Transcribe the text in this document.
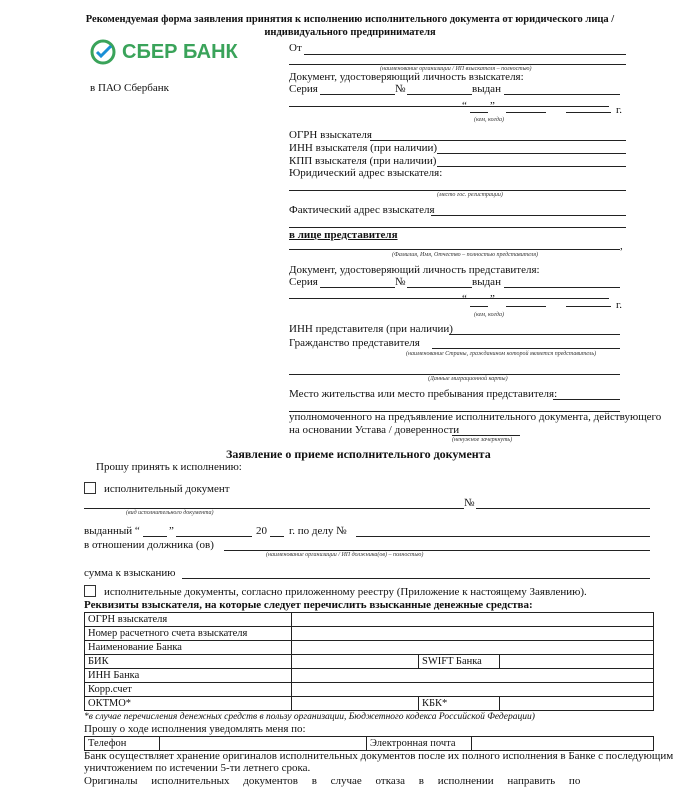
Рекомендуемая форма заявления принятия к исполнению исполнительного документа от юридического лица /
индивидуального предпринимателя
СБЕР БАНК
в ПАО Сбербанк
От
(наименование организации / ИП взыскателя – полностью)
Документ, удостоверяющий личность взыскателя:
Серия	№	выдан
“ ”	г.
(кем, когда)
ОГРН взыскателя
ИНН взыскателя (при наличии)
КПП взыскателя (при наличии)
Юридический адрес взыскателя:
(место гос. регистрации)
Фактический адрес взыскателя
в лице представителя
,
(Фамилия, Имя, Отчество – полностью представителя)
Документ, удостоверяющий личность представителя:
Серия	№	выдан
“ ”	г.
(кем, когда)
ИНН представителя (при наличии)
Гражданство представителя
(наименование Страны, гражданином которой является представитель)
(Данные миграционной карты)
Место жительства или место пребывания представителя:
уполномоченного на предъявление исполнительного документа, действующего
на основании Устава / доверенности
(ненужное зачеркнуть)
Заявление о приеме исполнительного документа
Прошу принять к исполнению:
исполнительный документ
№
(вид исполнительного документа)
выданный “	”	20 г. по делу №
в отношении должника (ов)
(наименование организации / ИП должника(ов) – полностью)
сумма к взысканию
исполнительные документы, согласно приложенному реестру (Приложение к настоящему Заявлению).
Реквизиты взыскателя, на которые следует перечислить взысканные денежные средства:
ОГРН взыскателя			
Номер расчетного счета взыскателя			
Наименование Банка			
БИК		SWIFT Банка	
ИНН Банка			
Корр.счет			
ОКТМО*		КБК*	
*в случае перечисления денежных средств в пользу организации, Бюджетного кодекса Российской Федерации)
Прошу о ходе исполнения уведомлять меня по:
Телефон		Электронная почта	
Банк осуществляет хранение оригиналов исполнительных документов после их полного исполнения в Банке с последующим
уничтожением по истечении 5-ти летнего срока.
Оригиналы     исполнительных     документов     в     случае     отказа     в     исполнении     направить     по
